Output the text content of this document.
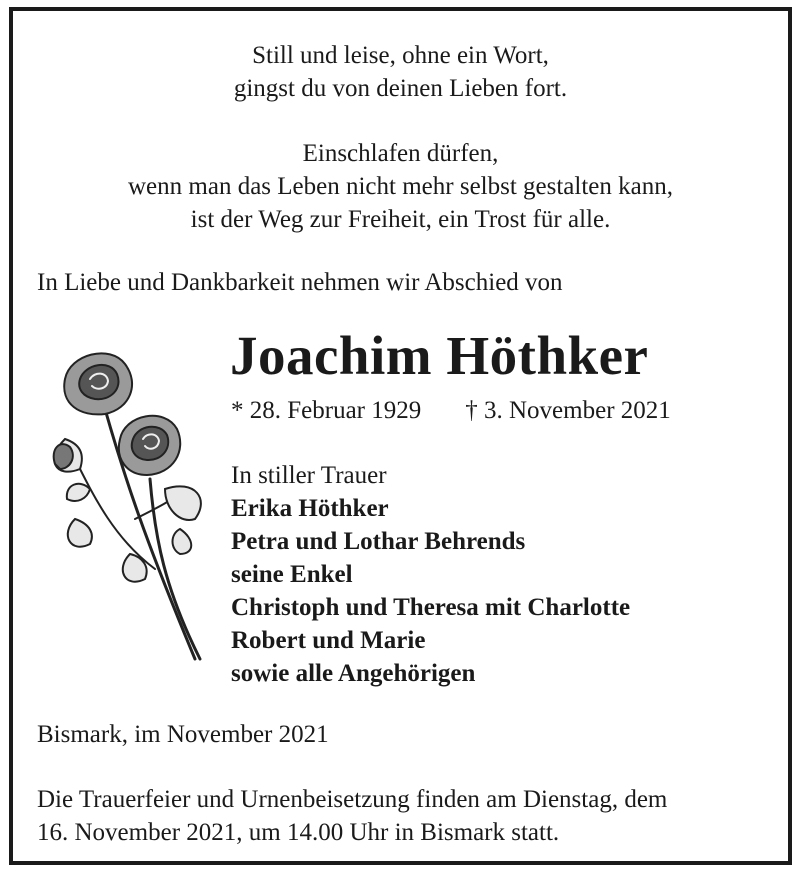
Still und leise, ohne ein Wort,
gingst du von deinen Lieben fort.
Einschlafen dürfen,
wenn man das Leben nicht mehr selbst gestalten kann,
ist der Weg zur Freiheit, ein Trost für alle.
In Liebe und Dankbarkeit nehmen wir Abschied von
Joachim Höthker
* 28. Februar 1929 † 3. November 2021
In stiller Trauer
Erika Höthker
Petra und Lothar Behrends
seine Enkel
Christoph und Theresa mit Charlotte
Robert und Marie
sowie alle Angehörigen
Bismark, im November 2021
Die Trauerfeier und Urnenbeisetzung finden am Dienstag, dem
16. November 2021, um 14.00 Uhr in Bismark statt.
